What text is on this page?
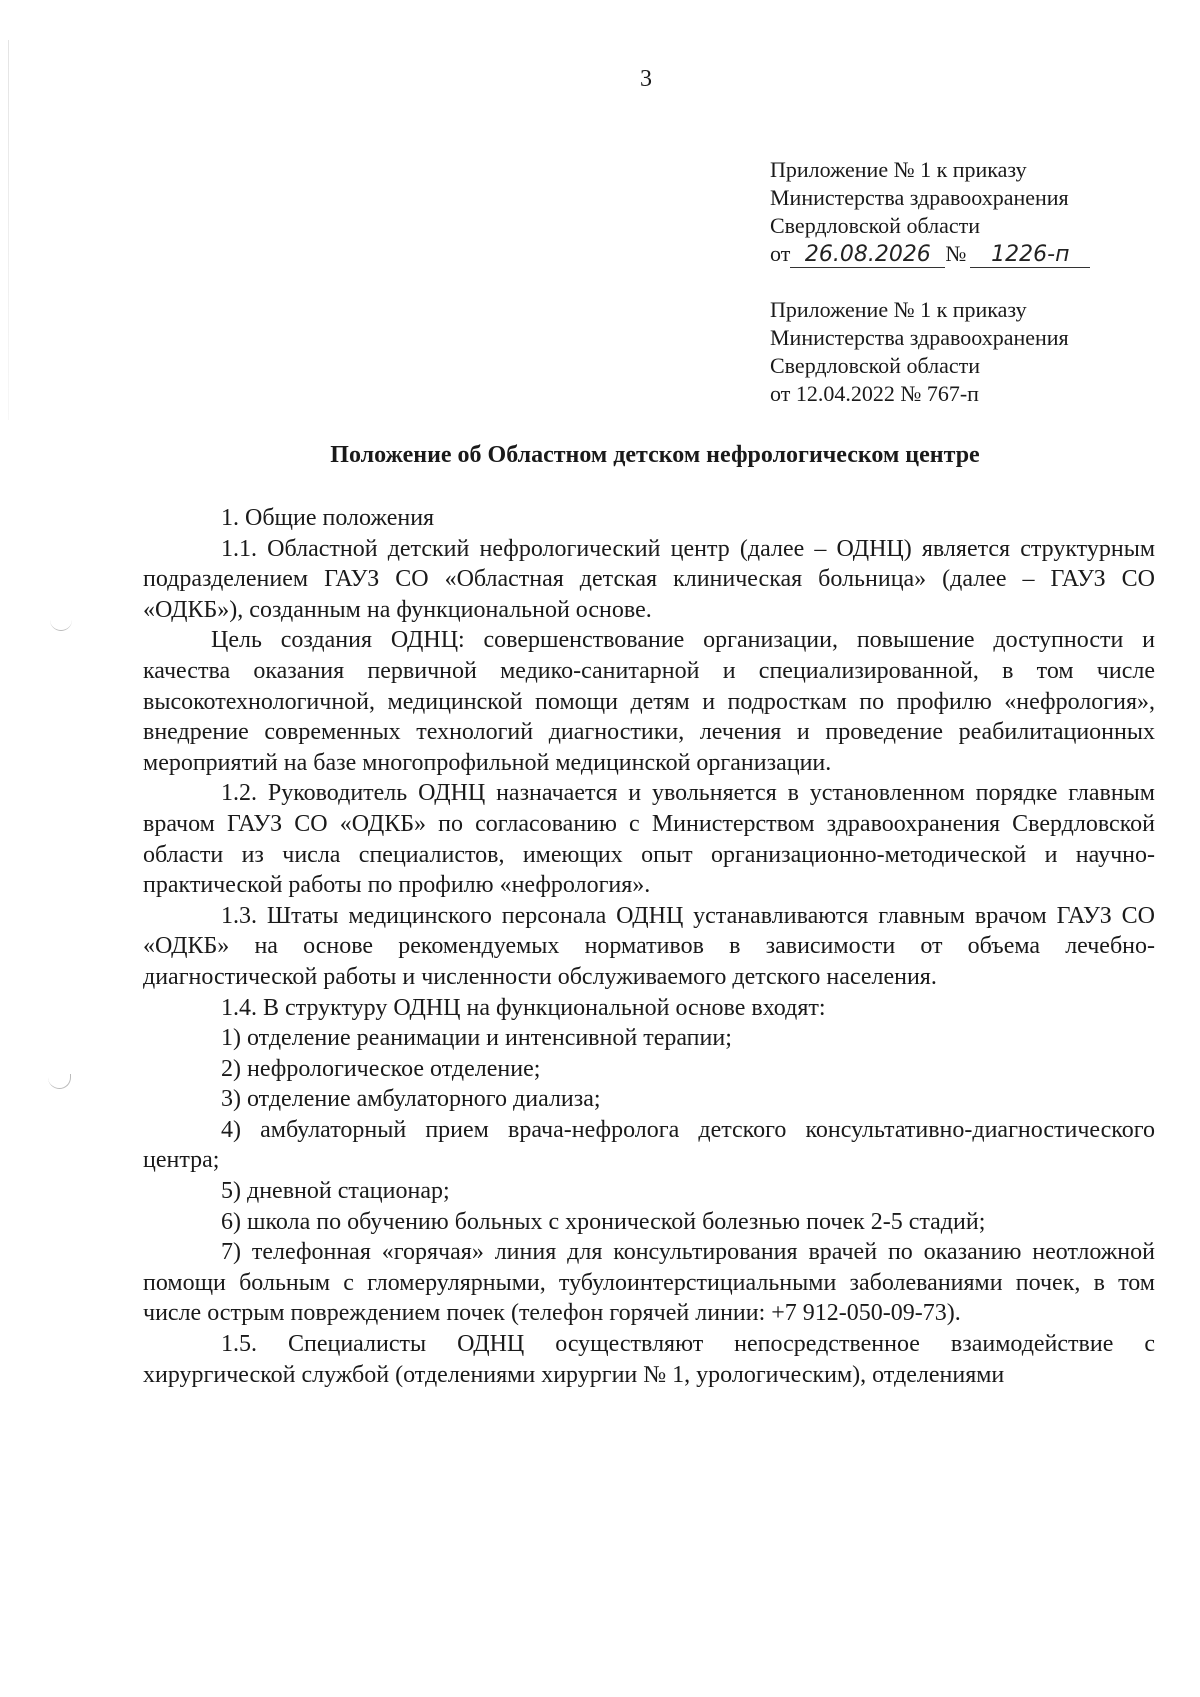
3
Приложение № 1 к приказу
Министерства здравоохранения
Свердловской области
от 26.08.2026 № 1226-п
Приложение № 1 к приказу
Министерства здравоохранения
Свердловской области
от 12.04.2022 № 767-п
Положение об Областном детском нефрологическом центре

1. Общие положения

1.1. Областной детский нефрологический центр (далее – ОДНЦ) является структурным подразделением ГАУЗ СО «Областная детская клиническая больница» (далее – ГАУЗ СО «ОДКБ»), созданным на функциональной основе.

Цель создания ОДНЦ: совершенствование организации, повышение доступности и качества оказания первичной медико-санитарной и специализированной, в том числе высокотехнологичной, медицинской помощи детям и подросткам по профилю «нефрология», внедрение современных технологий диагностики, лечения и проведение реабилитационных мероприятий на базе многопрофильной медицинской организации.

1.2. Руководитель ОДНЦ назначается и увольняется в установленном порядке главным врачом ГАУЗ СО «ОДКБ» по согласованию с Министерством здравоохранения Свердловской области из числа специалистов, имеющих опыт организационно-методической и научно-практической работы по профилю «нефрология».

1.3. Штаты медицинского персонала ОДНЦ устанавливаются главным врачом ГАУЗ СО «ОДКБ» на основе рекомендуемых нормативов в зависимости от объема лечебно-диагностической работы и численности обслуживаемого детского населения.

1.4. В структуру ОДНЦ на функциональной основе входят:

1) отделение реанимации и интенсивной терапии;

2) нефрологическое отделение;

3) отделение амбулаторного диализа;

4) амбулаторный прием врача-нефролога детского консультативно-диагностического центра;

5) дневной стационар;

6) школа по обучению больных с хронической болезнью почек 2-5 стадий;

7) телефонная «горячая» линия для консультирования врачей по оказанию неотложной помощи больным с гломерулярными, тубулоинтерстициальными заболеваниями почек, в том числе острым повреждением почек (телефон горячей линии: +7 912-050-09-73).

1.5. Специалисты ОДНЦ осуществляют непосредственное взаимодействие с хирургической службой (отделениями хирургии № 1, урологическим), отделениями
